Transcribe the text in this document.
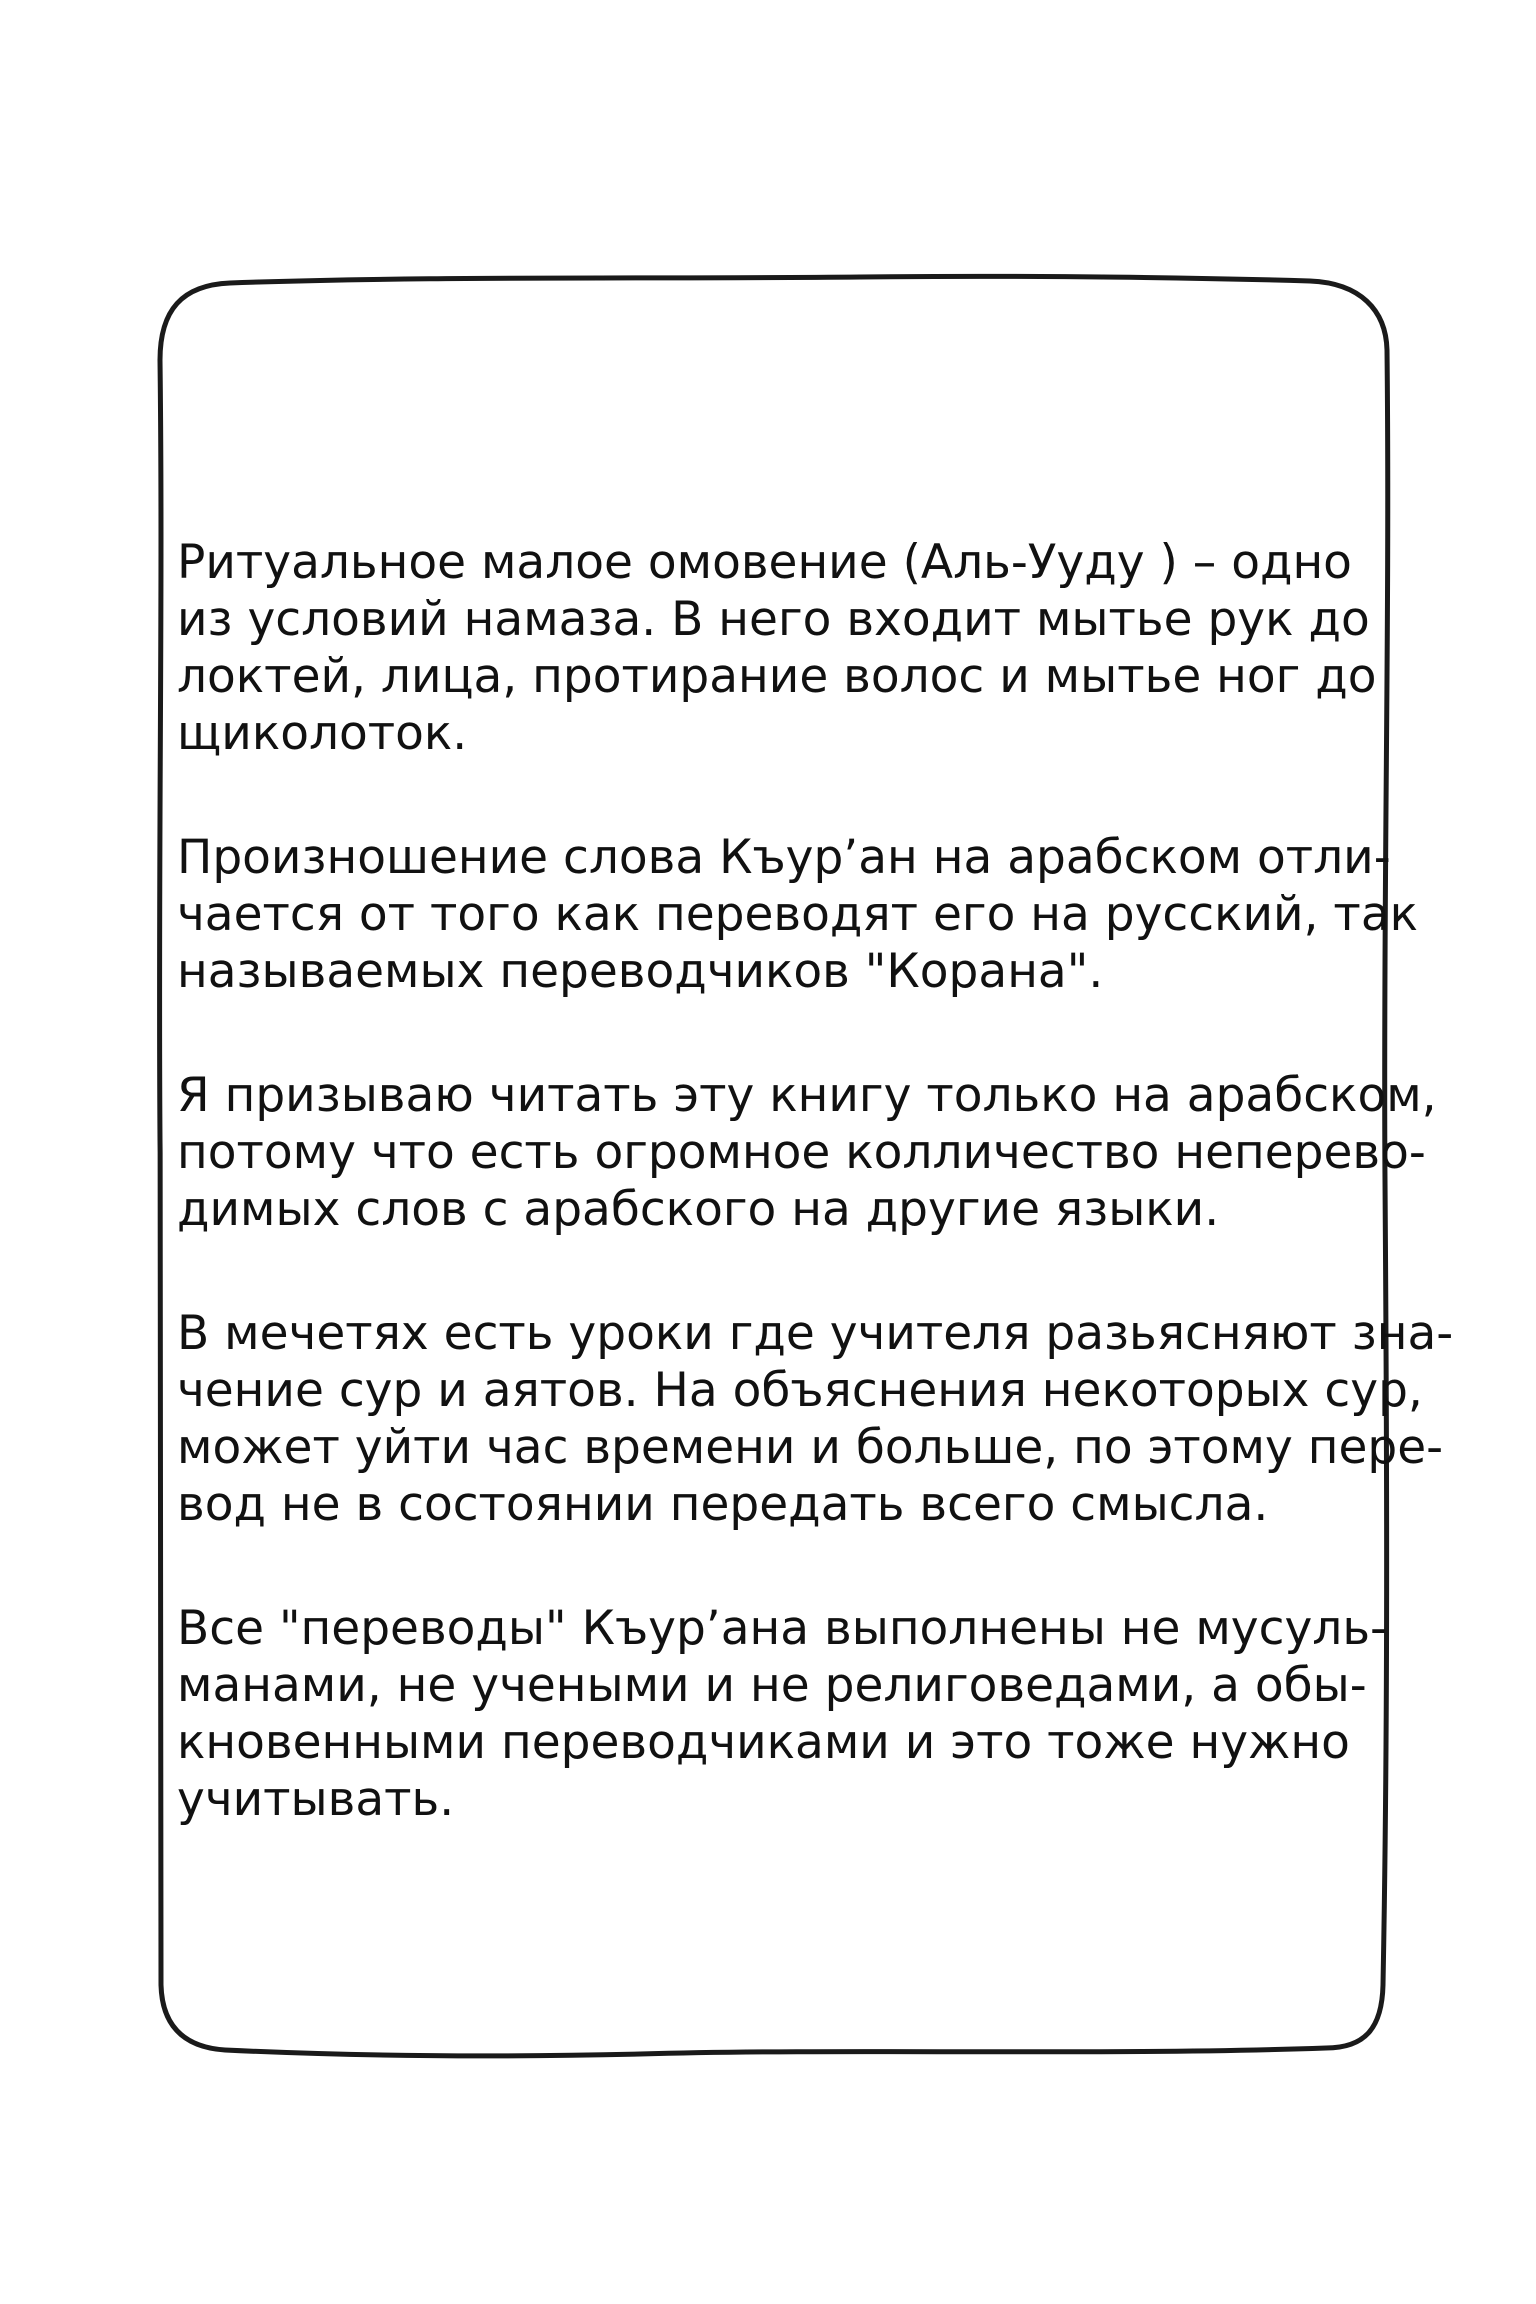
Ритуальное малое омовение (Аль-Ууду ) – одно
из условий намаза. В него входит мытье рук до
локтей, лица, протирание волос и мытье ног до
щиколоток.

Произношение слова Къур’ан на арабском отли-
чается от того как переводят его на русский, так
называемых переводчиков "Корана".

Я призываю читать эту книгу только на арабском,
потому что есть огромное колличество неперево-
димых слов с арабского на другие языки.

В мечетях есть уроки где учителя разьясняют зна-
чение сур и аятов. На объяснения некоторых сур,
может уйти час времени и больше, по этому пере-
вод не в состоянии передать всего смысла.

Все "переводы" Къур’ана выполнены не мусуль-
манами, не учеными и не религоведами, а обы-
кновенными переводчиками и это тоже нужно
учитывать.
